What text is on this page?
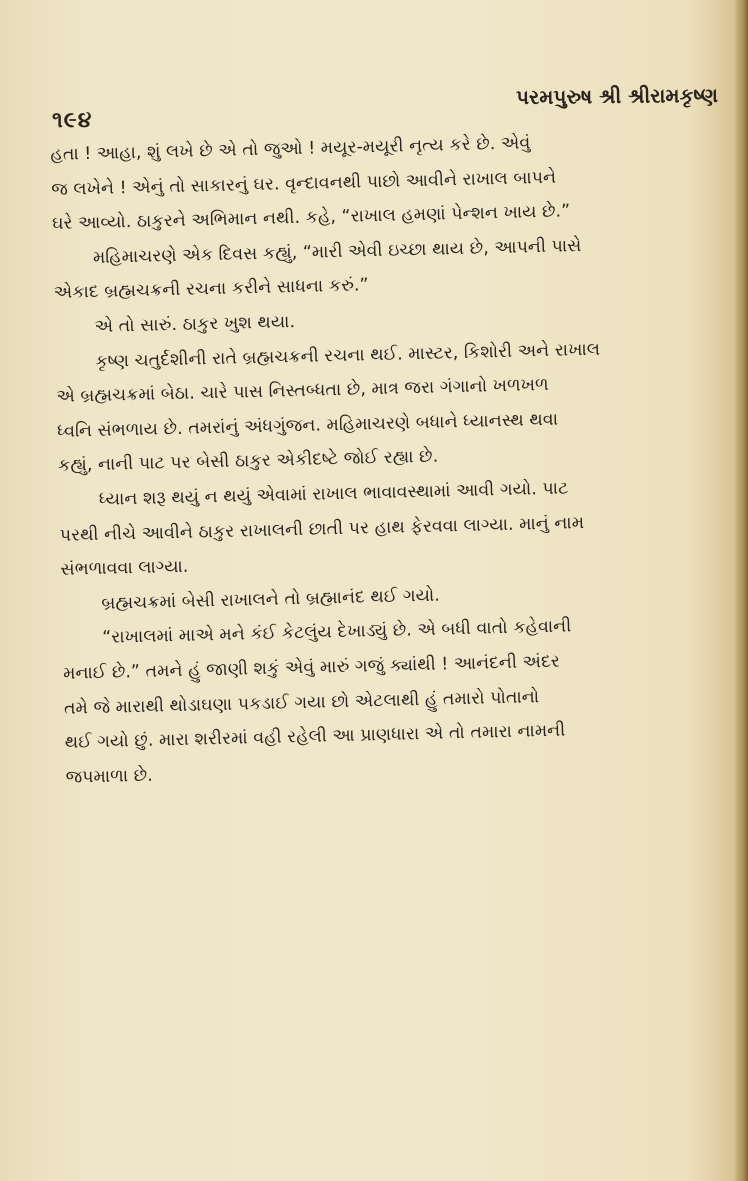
૧૯૪
પરમપુરુષ શ્રી શ્રીરામકૃષ્ણ
હતા ! આહા, શું લખે છે એ તો જુઓ ! મયૂર-મયૂરી નૃત્ય કરે છે. એવું
જ લખેને ! એનું તો સાકારનું ઘર. વૃન્દાવનથી પાછો આવીને રાખાલ બાપને
ઘરે આવ્યો. ઠાકુરને અભિમાન નથી. કહે, “રાખાલ હમણાં પેન્શન ખાય છે.”
મહિમાચરણે એક દિવસ કહ્યું, “મારી એવી ઇચ્છા થાય છે, આપની પાસે
એકાદ બ્રહ્મચક્રની રચના કરીને સાધના કરું.”
એ તો સારું. ઠાકુર ખુશ થયા.
કૃષ્ણ ચતુર્દશીની રાતે બ્રહ્મચક્રની રચના થઈ. માસ્ટર, કિશોરી અને રાખાલ
એ બ્રહ્મચક્રમાં બેઠા. ચારે પાસ નિસ્તબ્ધતા છે, માત્ર જરા ગંગાનો ખળખળ
ધ્વનિ સંભળાય છે. તમરાંનું અંધગુંજન. મહિમાચરણે બધાને ધ્યાનસ્થ થવા
કહ્યું, નાની પાટ પર બેસી ઠાકુર એકીદષ્ટે જોઈ રહ્યા છે.
ધ્યાન શરૂ થયું ન થયું એવામાં રાખાલ ભાવાવસ્થામાં આવી ગયો. પાટ
પરથી નીચે આવીને ઠાકુર રાખાલની છાતી પર હાથ ફેરવવા લાગ્યા. માનું નામ
સંભળાવવા લાગ્યા.
બ્રહ્મચક્રમાં બેસી રાખાલને તો બ્રહ્માનંદ થઈ ગયો.
“રાખાલમાં માએ મને કંઈ કેટલુંય દેખાડ્યું છે. એ બધી વાતો કહેવાની
મનાઈ છે.” તમને હું જાણી શકું એવું મારું ગજું ક્યાંથી ! આનંદની અંદર
તમે જે મારાથી થોડાઘણા પકડાઈ ગયા છો એટલાથી હું તમારો પોતાનો
થઈ ગયો છું. મારા શરીરમાં વહી રહેલી આ પ્રાણધારા એ તો તમારા નામની
જપમાળા છે.
